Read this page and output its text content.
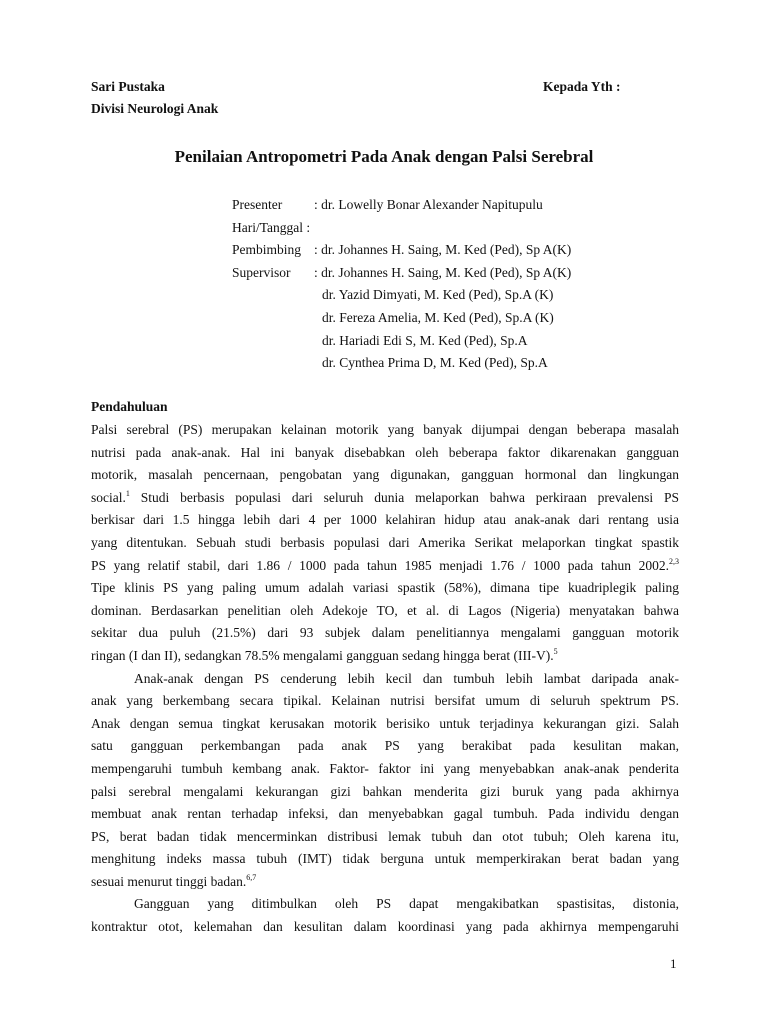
Sari Pustaka
Divisi Neurologi Anak
Kepada Yth :
Penilaian Antropometri Pada Anak dengan Palsi Serebral
Presenter : dr. Lowelly Bonar Alexander Napitupulu
Hari/Tanggal :
Pembimbing : dr. Johannes H. Saing, M. Ked (Ped), Sp A(K)
Supervisor : dr. Johannes H. Saing, M. Ked (Ped), Sp A(K)
dr. Yazid Dimyati, M. Ked (Ped), Sp.A (K)
dr. Fereza Amelia, M. Ked (Ped), Sp.A (K)
dr. Hariadi Edi S, M. Ked (Ped), Sp.A
dr. Cynthea Prima D, M. Ked (Ped), Sp.A
Pendahuluan
Palsi serebral (PS) merupakan kelainan motorik yang banyak dijumpai dengan beberapa masalah
nutrisi pada anak-anak. Hal ini banyak disebabkan oleh beberapa faktor dikarenakan gangguan
motorik, masalah pencernaan, pengobatan yang digunakan, gangguan hormonal dan lingkungan
social.$^1$ Studi berbasis populasi dari seluruh dunia melaporkan bahwa perkiraan prevalensi PS
berkisar dari 1.5 hingga lebih dari 4 per 1000 kelahiran hidup atau anak-anak dari rentang usia
yang ditentukan. Sebuah studi berbasis populasi dari Amerika Serikat melaporkan tingkat spastik
PS yang relatif stabil, dari 1.86 / 1000 pada tahun 1985 menjadi 1.76 / 1000 pada tahun 2002.$^{2,3}$
Tipe klinis PS yang paling umum adalah variasi spastik (58%), dimana tipe kuadriplegik paling
dominan. Berdasarkan penelitian oleh Adekoje TO, et al. di Lagos (Nigeria) menyatakan bahwa
sekitar dua puluh (21.5%) dari 93 subjek dalam penelitiannya mengalami gangguan motorik
ringan (I dan II), sedangkan 78.5% mengalami gangguan sedang hingga berat (III-V).$^5$
Anak-anak dengan PS cenderung lebih kecil dan tumbuh lebih lambat daripada anak-
anak yang berkembang secara tipikal. Kelainan nutrisi bersifat umum di seluruh spektrum PS.
Anak dengan semua tingkat kerusakan motorik berisiko untuk terjadinya kekurangan gizi. Salah
satu gangguan perkembangan pada anak PS yang berakibat pada kesulitan makan,
mempengaruhi tumbuh kembang anak. Faktor- faktor ini yang menyebabkan anak-anak penderita
palsi serebral mengalami kekurangan gizi bahkan menderita gizi buruk yang pada akhirnya
membuat anak rentan terhadap infeksi, dan menyebabkan gagal tumbuh. Pada individu dengan
PS, berat badan tidak mencerminkan distribusi lemak tubuh dan otot tubuh; Oleh karena itu,
menghitung indeks massa tubuh (IMT) tidak berguna untuk memperkirakan berat badan yang
sesuai menurut tinggi badan.$^{6,7}$
Gangguan yang ditimbulkan oleh PS dapat mengakibatkan spastisitas, distonia,
kontraktur otot, kelemahan dan kesulitan dalam koordinasi yang pada akhirnya mempengaruhi
1
